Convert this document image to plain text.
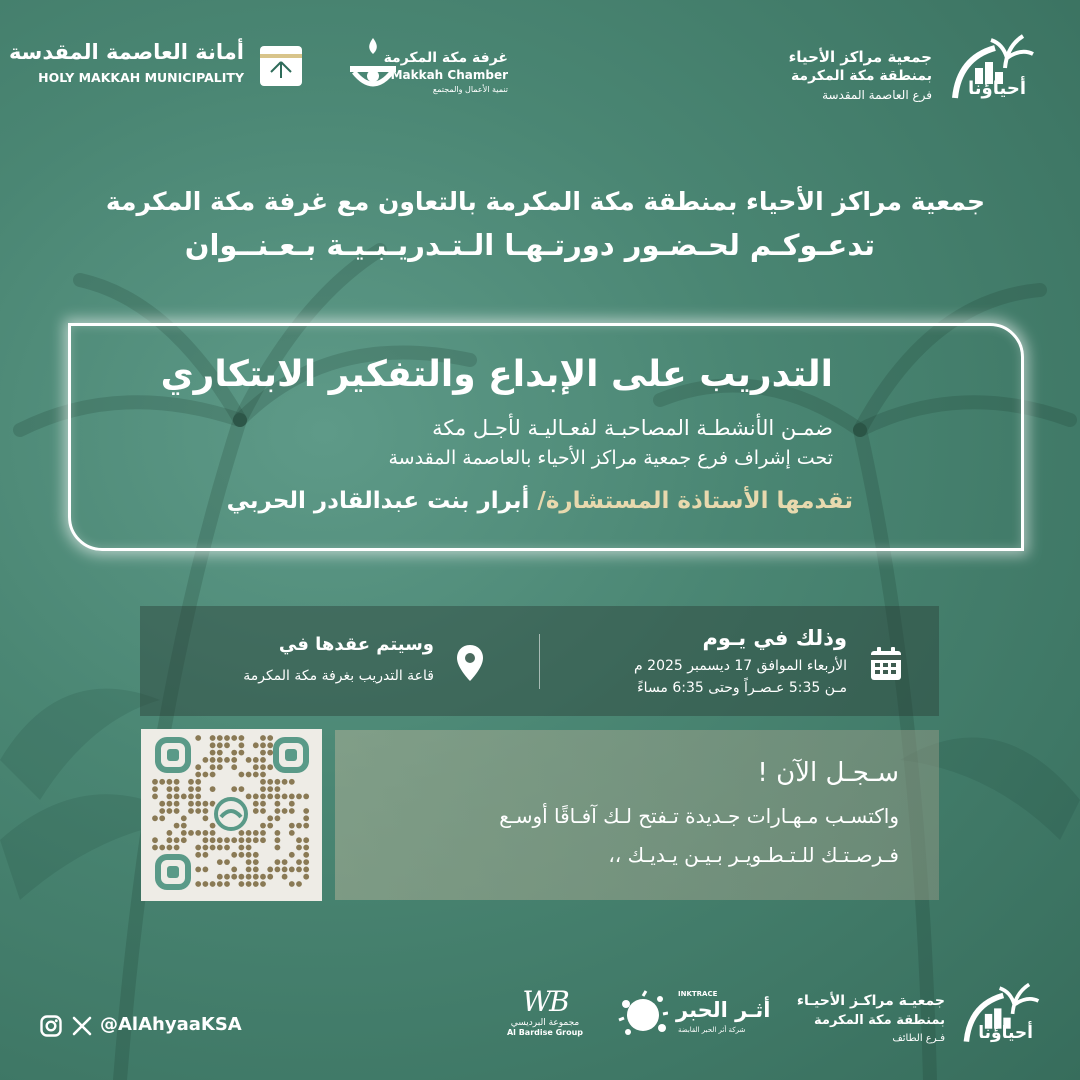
أمانة العاصمة المقدسة
HOLY MAKKAH MUNICIPALITY
غرفة مكة المكرمة
Makkah Chamber
تنمية الأعمال والمجتمع
جمعية مراكز الأحياء
بمنطقة مكة المكرمة
فرع العاصمة المقدسة أحياؤنا
جمعية مراكز الأحياء بمنطقة مكة المكرمة بالتعاون مع غرفة مكة المكرمة
تدعـوكـم لحـضـور دورتـهـا الـتـدريـبـيـة بـعـنــوان
التدريب على الإبداع والتفكير الابتكاري
ضمـن الأنشطـة المصاحبـة لفعـاليـة لأجـل مكة
تحت إشراف فرع جمعية مراكز الأحياء بالعاصمة المقدسة
تقدمها الأستاذة المستشارة/ أبرار بنت عبدالقادر الحربي
وذلك في يـوم
الأربعاء الموافق 17 ديسمبر 2025 م
مـن 5:35 عـصـراً وحتى 6:35 مساءً
وسيتم عقدها في
قاعة التدريب بغرفة مكة المكرمة
سـجـل الآن !
واكتسـب مـهـارات جـديدة تـفتح لـك آفـاقًا أوسـع
فـرصـتـك للـتـطـويـر بـيـن يـديـك ،،
@AlAhyaaKSA
WB
مجموعة البرديسي
Al Bardise Group
INKTRACE
أثـر الحبر
شركة أثر الحبر القابضة
جمعيـة مراكـز الأحيـاء
بمنطقة مكة المكرمة
فـرع الطائف أحياؤنا
